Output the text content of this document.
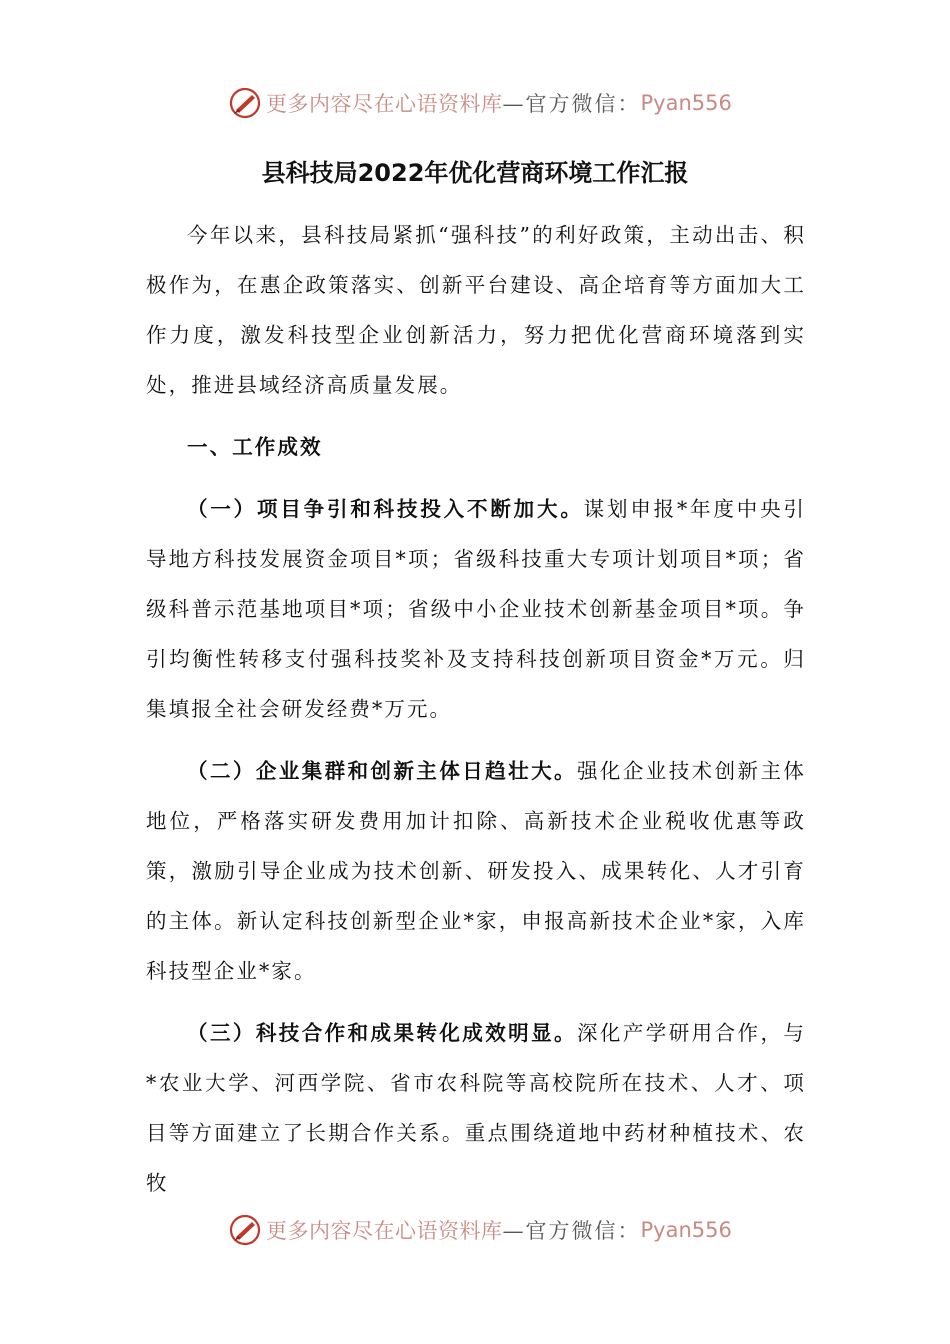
更多内容尽在心语资料库 —官方微信： Pyan556
县科技局2022年优化营商环境工作汇报

今年以来，县科技局紧抓“强科技”的利好政策，主动出击、积极作为，在惠企政策落实、创新平台建设、高企培育等方面加大工作力度，激发科技型企业创新活力，努力把优化营商环境落到实处，推进县域经济高质量发展。

一、工作成效

（一）项目争引和科技投入不断加大。谋划申报*年度中央引导地方科技发展资金项目*项；省级科技重大专项计划项目*项；省级科普示范基地项目*项；省级中小企业技术创新基金项目*项。争引均衡性转移支付强科技奖补及支持科技创新项目资金*万元。归集填报全社会研发经费*万元。

（二）企业集群和创新主体日趋壮大。强化企业技术创新主体地位，严格落实研发费用加计扣除、高新技术企业税收优惠等政策，激励引导企业成为技术创新、研发投入、成果转化、人才引育的主体。新认定科技创新型企业*家，申报高新技术企业*家，入库科技型企业*家。

（三）科技合作和成果转化成效明显。深化产学研用合作，与*农业大学、河西学院、省市农科院等高校院所在技术、人才、项目等方面建立了长期合作关系。重点围绕道地中药材种植技术、农牧

更多内容尽在心语资料库 —官方微信： Pyan556
